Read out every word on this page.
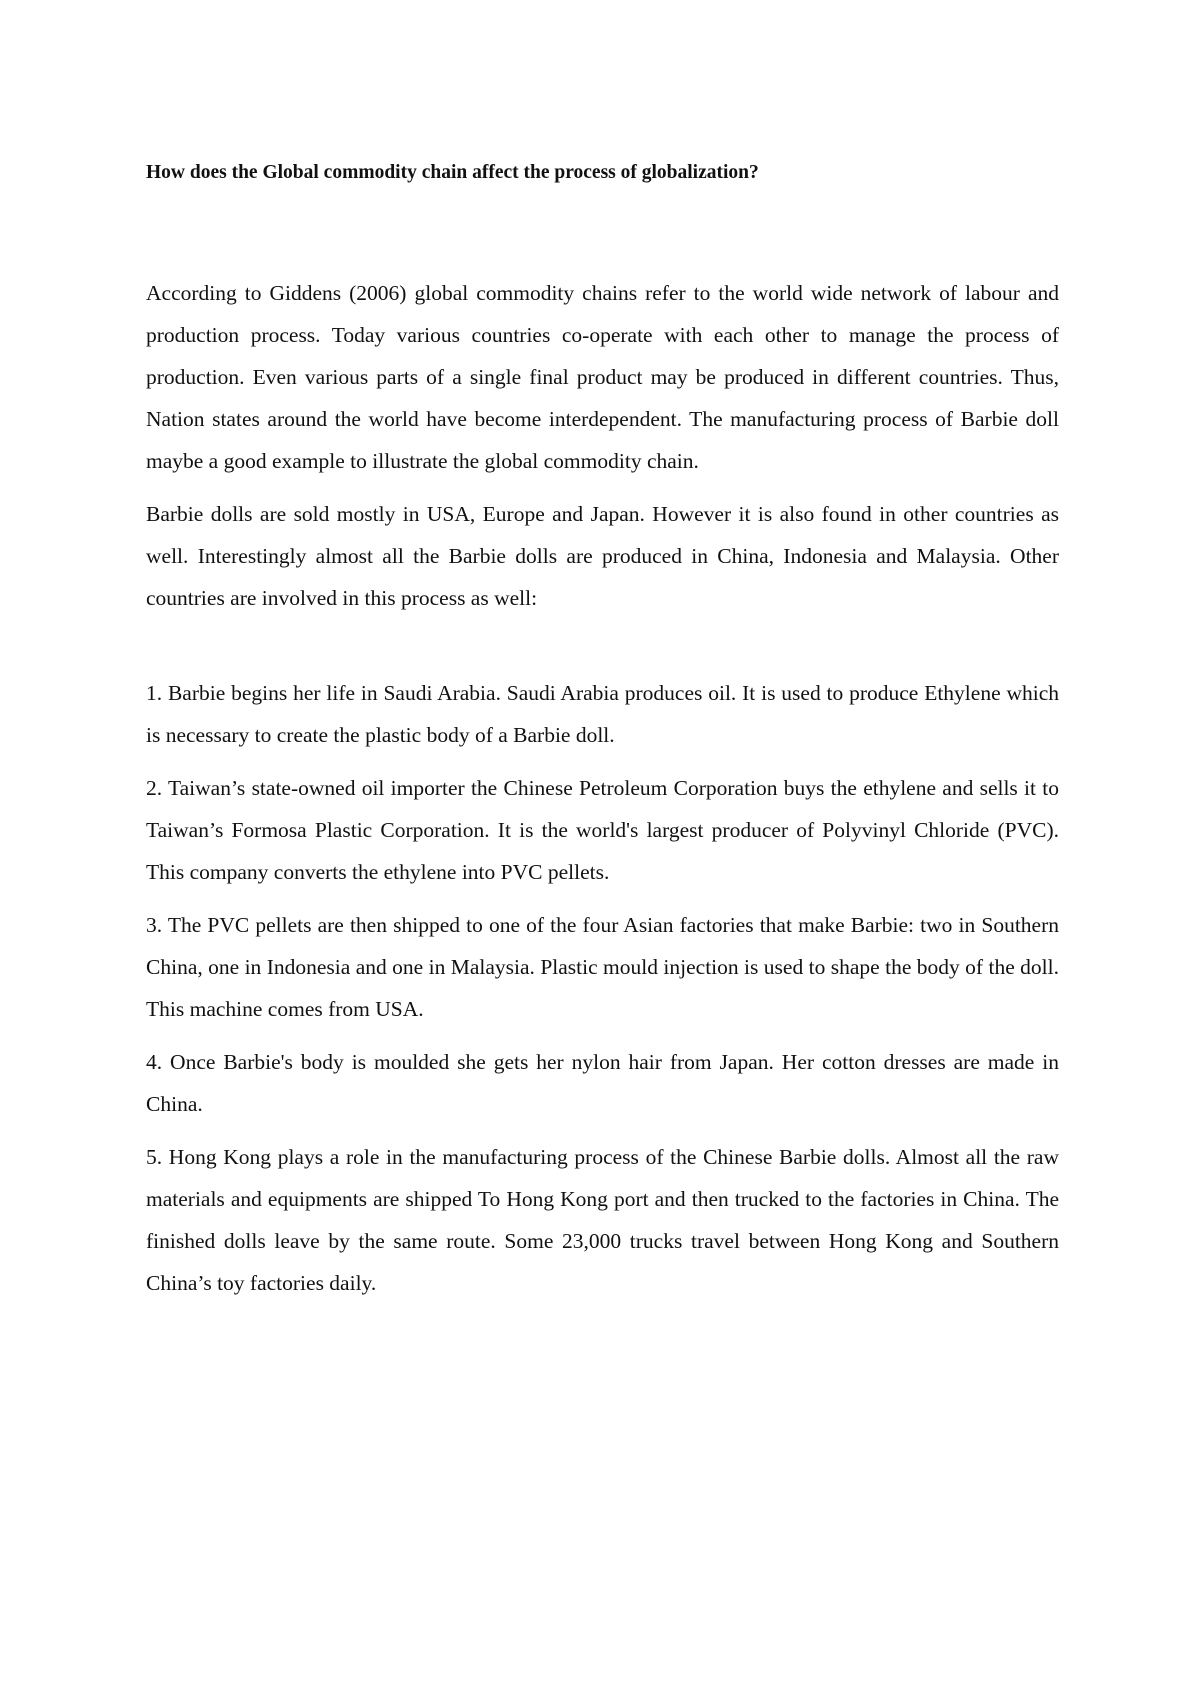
How does the Global commodity chain affect the process of globalization?

According to Giddens (2006) global commodity chains refer to the world wide network of labour and production process. Today various countries co-operate with each other to manage the process of production. Even various parts of a single final product may be produced in different countries. Thus, Nation states around the world have become interdependent. The manufacturing process of Barbie doll maybe a good example to illustrate the global commodity chain.

Barbie dolls are sold mostly in USA, Europe and Japan. However it is also found in other countries as well. Interestingly almost all the Barbie dolls are produced in China, Indonesia and Malaysia. Other countries are involved in this process as well:

1. Barbie begins her life in Saudi Arabia. Saudi Arabia produces oil. It is used to produce Ethylene which is necessary to create the plastic body of a Barbie doll.

2. Taiwan’s state-owned oil importer the Chinese Petroleum Corporation buys the ethylene and sells it to Taiwan’s Formosa Plastic Corporation. It is the world's largest producer of Polyvinyl Chloride (PVC). This company converts the ethylene into PVC pellets.

3. The PVC pellets are then shipped to one of the four Asian factories that make Barbie: two in Southern China, one in Indonesia and one in Malaysia. Plastic mould injection is used to shape the body of the doll. This machine comes from USA.

4. Once Barbie's body is moulded she gets her nylon hair from Japan. Her cotton dresses are made in China.

5. Hong Kong plays a role in the manufacturing process of the Chinese Barbie dolls. Almost all the raw materials and equipments are shipped To Hong Kong port and then trucked to the factories in China. The finished dolls leave by the same route. Some 23,000 trucks travel between Hong Kong and Southern China’s toy factories daily.
